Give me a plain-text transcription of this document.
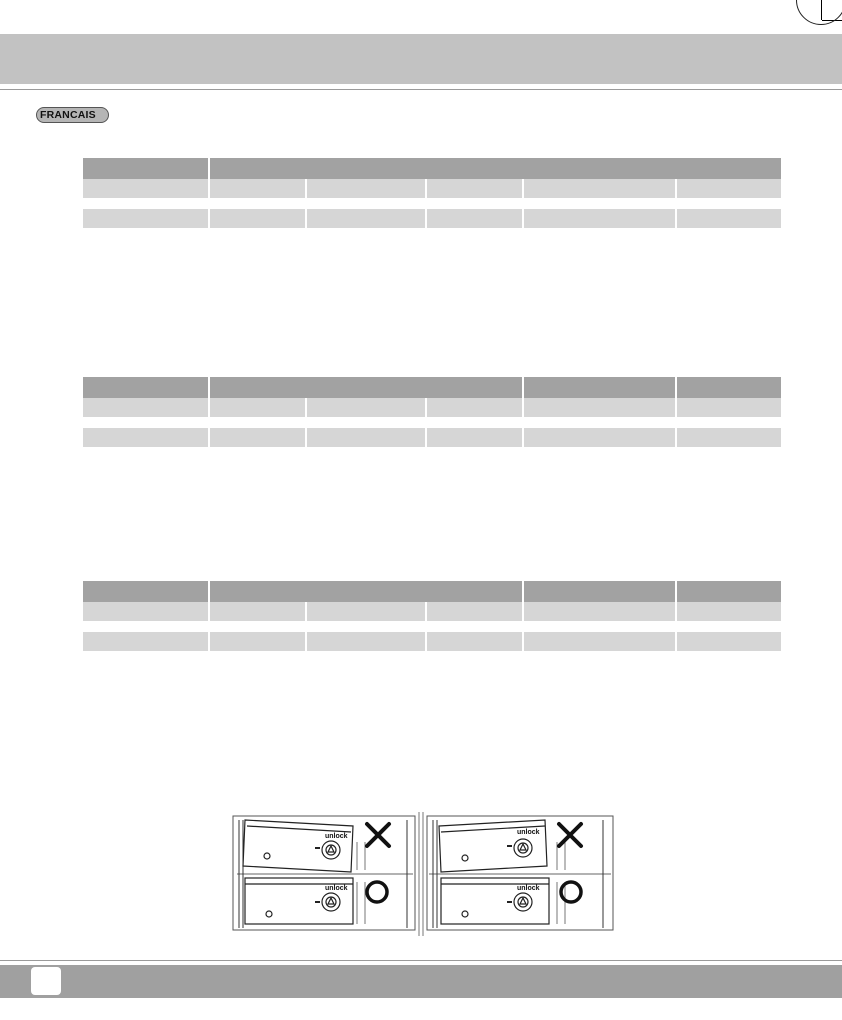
FRANCAIS

unlock
unlock
unlock	unlock
